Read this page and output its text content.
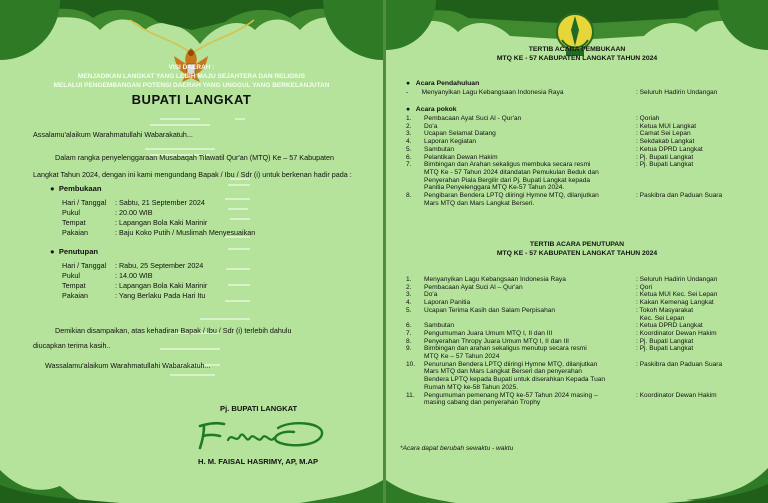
VISI DAERAH :
MENJADIKAN LANGKAT YANG LEBIH MAJU SEJAHTERA DAN RELIGIUS
MELALUI PENGEMBANGAN POTENSI DAERAH YANG UNGGUL YANG BERKELANJUTAN
BUPATI LANGKAT
Assalamu'alaikum Warahmatullahi Wabarakatuh...
Dalam rangka penyelenggaraan Musabaqah Tilawatil Qur'an (MTQ) Ke – 57 Kabupaten
Langkat Tahun 2024, dengan ini kami mengundang Bapak / Ibu / Sdr (i) untuk berkenan hadir pada :
● Pembukaan
Hari / Tanggal : Sabtu, 21 September 2024
Pukul	: 20.00 WIB
Tempat	: Lapangan Bola Kaki Marinir
Pakaian	: Baju Koko Putih / Muslimah Menyesuaikan
● Penutupan
Hari / Tanggal : Rabu, 25 September 2024
Pukul	: 14.00 WIB
Tempat	: Lapangan Bola Kaki Marinir
Pakaian	: Yang Berlaku Pada Hari Itu
Demikian disampaikan, atas kehadiran Bapak / Ibu / Sdr (i) terlebih dahulu
diucapkan terima kasih..
Wassalamu'alaikum Warahmatullahi Wabarakatuh...
Pj. BUPATI LANGKAT
H. M. FAISAL HASRIMY, AP, M.AP
TERTIB ACARA PEMBUKAAN
MTQ KE - 57 KABUPATEN LANGKAT TAHUN 2024
● Acara Pendahuluan
- Menyanyikan Lagu Kebangsaan Indonesia Raya	: Seluruh Hadirin Undangan
● Acara pokok
1. Pembacaan Ayat Suci Al - Qur'an	: Qoriah
2. Do'a	: Ketua MUI Langkat
3. Ucapan Selamat Datang	: Camat Sei Lepan
4. Laporan Kegiatan	: Sekdakab Langkat
5. Sambutan	: Ketua DPRD Langkat
6. Pelantikan Dewan Hakim	: Pj. Bupati Langkat
7. Bimbingan dan Arahan sekaligus membuka secara resmi
MTQ Ke - 57 Tahun 2024 ditandatan Pemukulan Beduk dan
Penyerahan Piala Bergilir dari Pj. Bupati Langkat kepada
Panitia Penyelenggara MTQ Ke-57 Tahun 2024.
: Pj. Bupati Langkat
8. Pengibaran Bendera LPTQ diiringi Hymne MTQ, dilanjutkan
Mars MTQ dan Mars Langkat Berseri.
: Paskibra dan Paduan Suara
TERTIB ACARA PENUTUPAN
MTQ KE - 57 KABUPATEN LANGKAT TAHUN 2024
1. Menyanyikan Lagu Kebangsaan Indonesia Raya	: Seluruh Hadirin Undangan
2. Pembacaan Ayat Suci Al – Qur'an	: Qori
3. Do'a	: Ketua MUI Kec. Sei Lepan
4. Laporan Panitia	: Kakan Kemenag Langkat
5. Ucapan Terima Kasih dan Salam Perpisahan	: Tokoh Masyarakat
Kec. Sei Lepan
6. Sambutan	: Ketua DPRD Langkat
7. Pengumuman Juara Umum MTQ I, II dan III	: Koordinator Dewan Hakim
8. Penyerahan Thropy Juara Umum MTQ I, II dan III	: Pj. Bupati Langkat
9. Bimbingan dan arahan sekaligus menutup secara resmi
MTQ Ke – 57 Tahun 2024
: Pj. Bupati Langkat
10. Penurunan Bendera LPTQ diiringi Hymne MTQ, dilanjutkan
Mars MTQ dan Mars Langkat Berseri dan penyerahan
Bendera LPTQ kepada Bupati untuk diserahkan Kepada Tuan
Rumah MTQ ke-58 Tahun 2025.
: Paskibra dan Paduan Suara
11. Pengumuman pemenang MTQ ke-57 Tahun 2024 masing –
masing cabang dan penyerahan Trophy
: Koordinator Dewan Hakim
*Acara dapat berubah sewaktu - waktu
